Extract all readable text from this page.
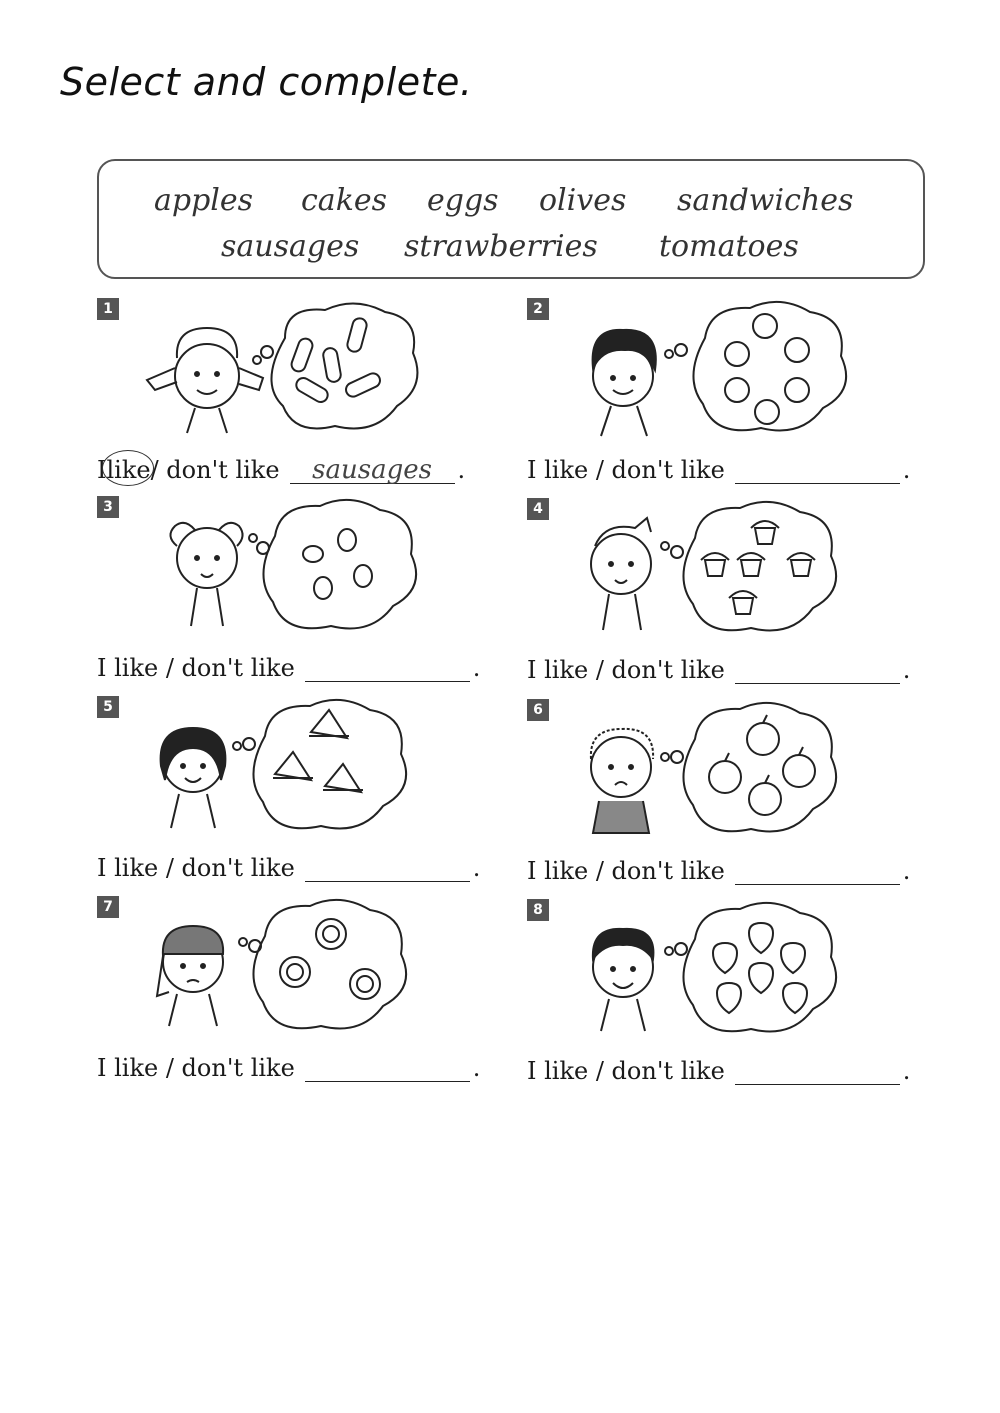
Select and complete.
apples cakes eggs olives sandwiches
sausages strawberries tomatoes
1
I like / don't like	sausages	.
2
I like / don't like	.
3
I like / don't like	.
4
I like / don't like	.
5
I like / don't like	.
6
I like / don't like	.
7
I like / don't like	.
8
I like / don't like	.
